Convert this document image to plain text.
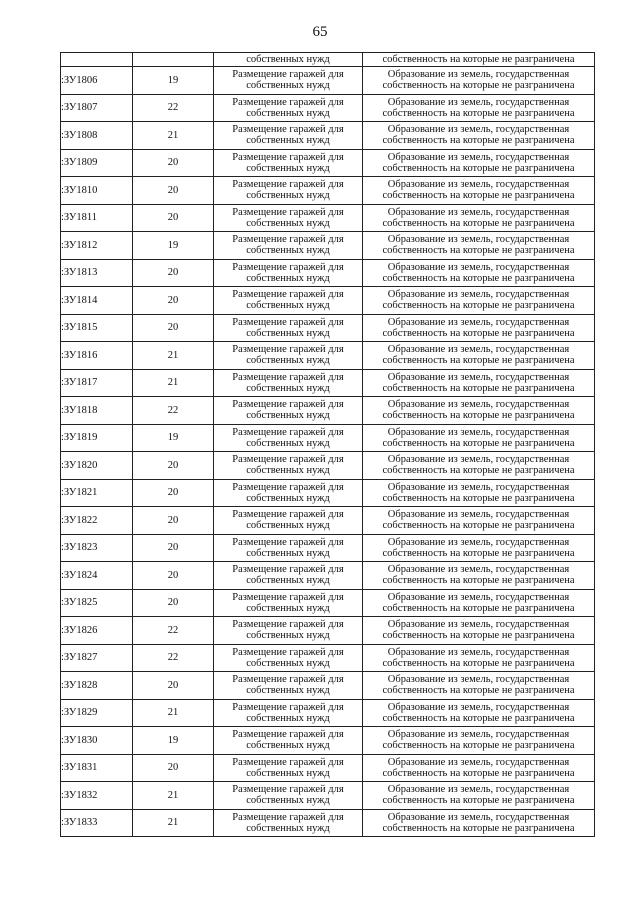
65
		собственных нужд	собственность на которые не разграничена
:ЗУ1806	19	Размещение гаражей для
собственных нужд	Образование из земель, государственная
собственность на которые не разграничена

:ЗУ1807	22	Размещение гаражей для
собственных нужд	Образование из земель, государственная
собственность на которые не разграничена

:ЗУ1808	21	Размещение гаражей для
собственных нужд	Образование из земель, государственная
собственность на которые не разграничена

:ЗУ1809	20	Размещение гаражей для
собственных нужд	Образование из земель, государственная
собственность на которые не разграничена

:ЗУ1810	20	Размещение гаражей для
собственных нужд	Образование из земель, государственная
собственность на которые не разграничена

:ЗУ1811	20	Размещение гаражей для
собственных нужд	Образование из земель, государственная
собственность на которые не разграничена

:ЗУ1812	19	Размещение гаражей для
собственных нужд	Образование из земель, государственная
собственность на которые не разграничена

:ЗУ1813	20	Размещение гаражей для
собственных нужд	Образование из земель, государственная
собственность на которые не разграничена

:ЗУ1814	20	Размещение гаражей для
собственных нужд	Образование из земель, государственная
собственность на которые не разграничена

:ЗУ1815	20	Размещение гаражей для
собственных нужд	Образование из земель, государственная
собственность на которые не разграничена

:ЗУ1816	21	Размещение гаражей для
собственных нужд	Образование из земель, государственная
собственность на которые не разграничена

:ЗУ1817	21	Размещение гаражей для
собственных нужд	Образование из земель, государственная
собственность на которые не разграничена

:ЗУ1818	22	Размещение гаражей для
собственных нужд	Образование из земель, государственная
собственность на которые не разграничена

:ЗУ1819	19	Размещение гаражей для
собственных нужд	Образование из земель, государственная
собственность на которые не разграничена

:ЗУ1820	20	Размещение гаражей для
собственных нужд	Образование из земель, государственная
собственность на которые не разграничена

:ЗУ1821	20	Размещение гаражей для
собственных нужд	Образование из земель, государственная
собственность на которые не разграничена

:ЗУ1822	20	Размещение гаражей для
собственных нужд	Образование из земель, государственная
собственность на которые не разграничена

:ЗУ1823	20	Размещение гаражей для
собственных нужд	Образование из земель, государственная
собственность на которые не разграничена

:ЗУ1824	20	Размещение гаражей для
собственных нужд	Образование из земель, государственная
собственность на которые не разграничена

:ЗУ1825	20	Размещение гаражей для
собственных нужд	Образование из земель, государственная
собственность на которые не разграничена

:ЗУ1826	22	Размещение гаражей для
собственных нужд	Образование из земель, государственная
собственность на которые не разграничена

:ЗУ1827	22	Размещение гаражей для
собственных нужд	Образование из земель, государственная
собственность на которые не разграничена

:ЗУ1828	20	Размещение гаражей для
собственных нужд	Образование из земель, государственная
собственность на которые не разграничена

:ЗУ1829	21	Размещение гаражей для
собственных нужд	Образование из земель, государственная
собственность на которые не разграничена

:ЗУ1830	19	Размещение гаражей для
собственных нужд	Образование из земель, государственная
собственность на которые не разграничена

:ЗУ1831	20	Размещение гаражей для
собственных нужд	Образование из земель, государственная
собственность на которые не разграничена

:ЗУ1832	21	Размещение гаражей для
собственных нужд	Образование из земель, государственная
собственность на которые не разграничена

:ЗУ1833	21	Размещение гаражей для
собственных нужд	Образование из земель, государственная
собственность на которые не разграничена
